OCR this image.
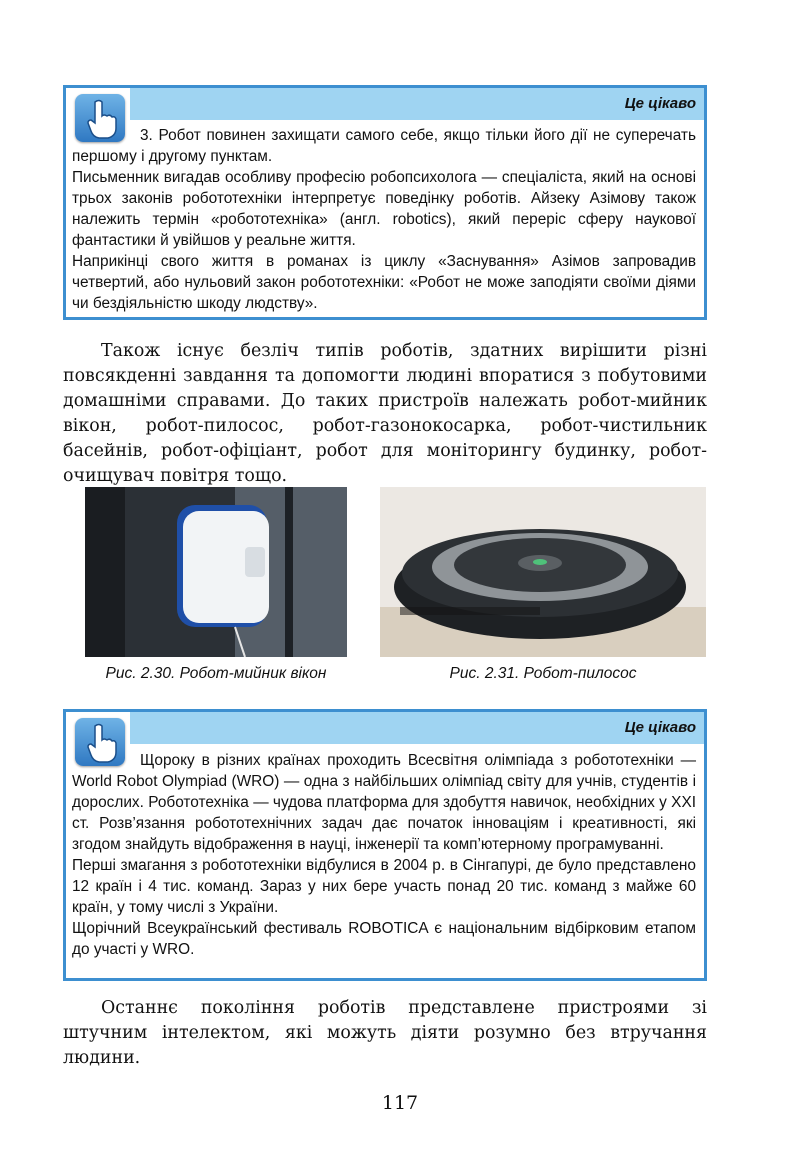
Це цікаво

3. Робот повинен захищати самого себе, якщо тільки його дії не суперечать першому і другому пунктам.

Письменник вигадав особливу професію робопсихолога — спеціаліста, який на основі трьох законів робототехніки інтерпретує поведінку роботів. Айзеку Азімову також належить термін «робототехніка» (англ. robotics), який переріс сферу наукової фантастики й увійшов у реальне життя.

Наприкінці свого життя в романах із циклу «Заснування» Азімов запровадив четвертий, або нульовий закон робототехніки: «Робот не може заподіяти своїми діями чи бездіяльністю шкоду людству».

Також існує безліч типів роботів, здатних вирішити різні повсякденні завдання та допомогти людині впоратися з побутовими домашніми справами. До таких пристроїв належать робот-мийник вікон, робот-пилосос, робот-газонокосарка, робот-чистильник басейнів, робот-офіціант, робот для моніторингу будинку, робот-очищувач повітря тощо.

Рис. 2.30. Робот-мийник вікон	Рис. 2.31. Робот-пилосос
Це цікаво

Щороку в різних країнах проходить Всесвітня олімпіада з робототехніки — World Robot Olympiad (WRO) — одна з найбільших олімпіад світу для учнів, студентів і дорослих. Робототехніка — чудова платформа для здобуття навичок, необхідних у ХХІ ст. Розв’язання робототехнічних задач дає початок інноваціям і креативності, які згодом знайдуть відображення в науці, інженерії та комп’ютерному програмуванні.

Перші змагання з робототехніки відбулися в 2004 р. в Сінгапурі, де було представлено 12 країн і 4 тис. команд. Зараз у них бере участь понад 20 тис. команд з майже 60 країн, у тому числі з України.

Щорічний Всеукраїнський фестиваль ROBOTICA є національним відбірковим етапом до участі у WRO.

Останнє покоління роботів представлене пристроями зі штучним інтелектом, які можуть діяти розумно без втручання людини.

117
